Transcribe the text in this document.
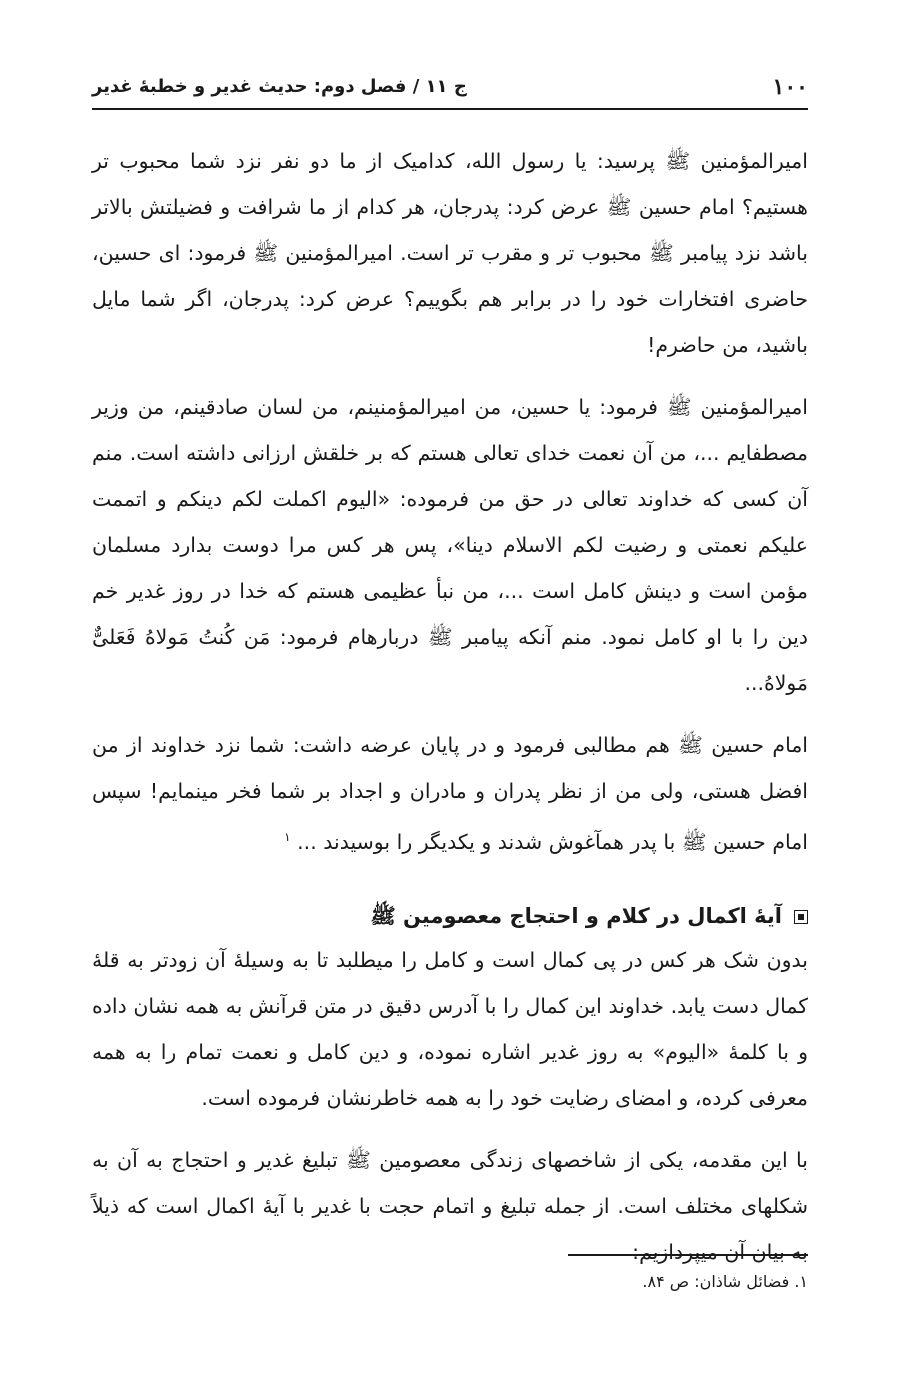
۱۰۰
ج ۱۱ / فصل دوم: حدیث غدیر و خطبهٔ غدیر

امیرالمؤمنین ﷺ پرسید: یا رسول الله، کدامیک از ما دو نفر نزد شما محبوب تر هستیم؟ امام حسین ﷺ عرض کرد: پدرجان، هر کدام از ما شرافت و فضیلتش بالاتر باشد نزد پیامبر ﷺ محبوب تر و مقرب تر است. امیرالمؤمنین ﷺ فرمود: ای حسین، حاضری افتخارات خود را در برابر هم بگوییم؟ عرض کرد: پدرجان، اگر شما مایل باشید، من حاضرم!

امیرالمؤمنین ﷺ فرمود: یا حسین، من امیرالمؤمنینم، من لسان صادقینم، من وزیر مصطفایم ...، من آن نعمت خدای تعالی هستم که بر خلقش ارزانی داشته است. منم آن کسی که خداوند تعالی در حق من فرموده: «الیوم اکملت لکم دینکم و اتممت علیکم نعمتی و رضیت لکم الاسلام دینا»، پس هر کس مرا دوست بدارد مسلمان مؤمن است و دینش کامل است ...، من نبأ عظیمی هستم که خدا در روز غدیر خم دین را با او کامل نمود. منم آنکه پیامبر ﷺ دربارهام فرمود: مَن کُنتُ مَولاهُ فَعَلیٌّ مَولاهُ...

امام حسین ﷺ هم مطالبی فرمود و در پایان عرضه داشت: شما نزد خداوند از من افضل هستی، ولی من از نظر پدران و مادران و اجداد بر شما فخر مینمایم! سپس امام حسین ﷺ با پدر همآغوش شدند و یکدیگر را بوسیدند ... $^۱$

آیهٔ اکمال در کلام و احتجاج معصومین ﷺ

بدون شک هر کس در پی کمال است و کامل را میطلبد تا به وسیلهٔ آن زودتر به قلهٔ کمال دست یابد. خداوند این کمال را با آدرس دقیق در متن قرآنش به همه نشان داده و با کلمهٔ «الیوم» به روز غدیر اشاره نموده، و دین کامل و نعمت تمام را به همه معرفی کرده، و امضای رضایت خود را به همه خاطرنشان فرموده است.

با این مقدمه، یکی از شاخصهای زندگی معصومین ﷺ تبلیغ غدیر و احتجاج به آن به شکلهای مختلف است. از جمله تبلیغ و اتمام حجت با غدیر با آیهٔ اکمال است که ذیلاً به بیان آن میپردازیم:

۱. فضائل شاذان: ص ۸۴.
